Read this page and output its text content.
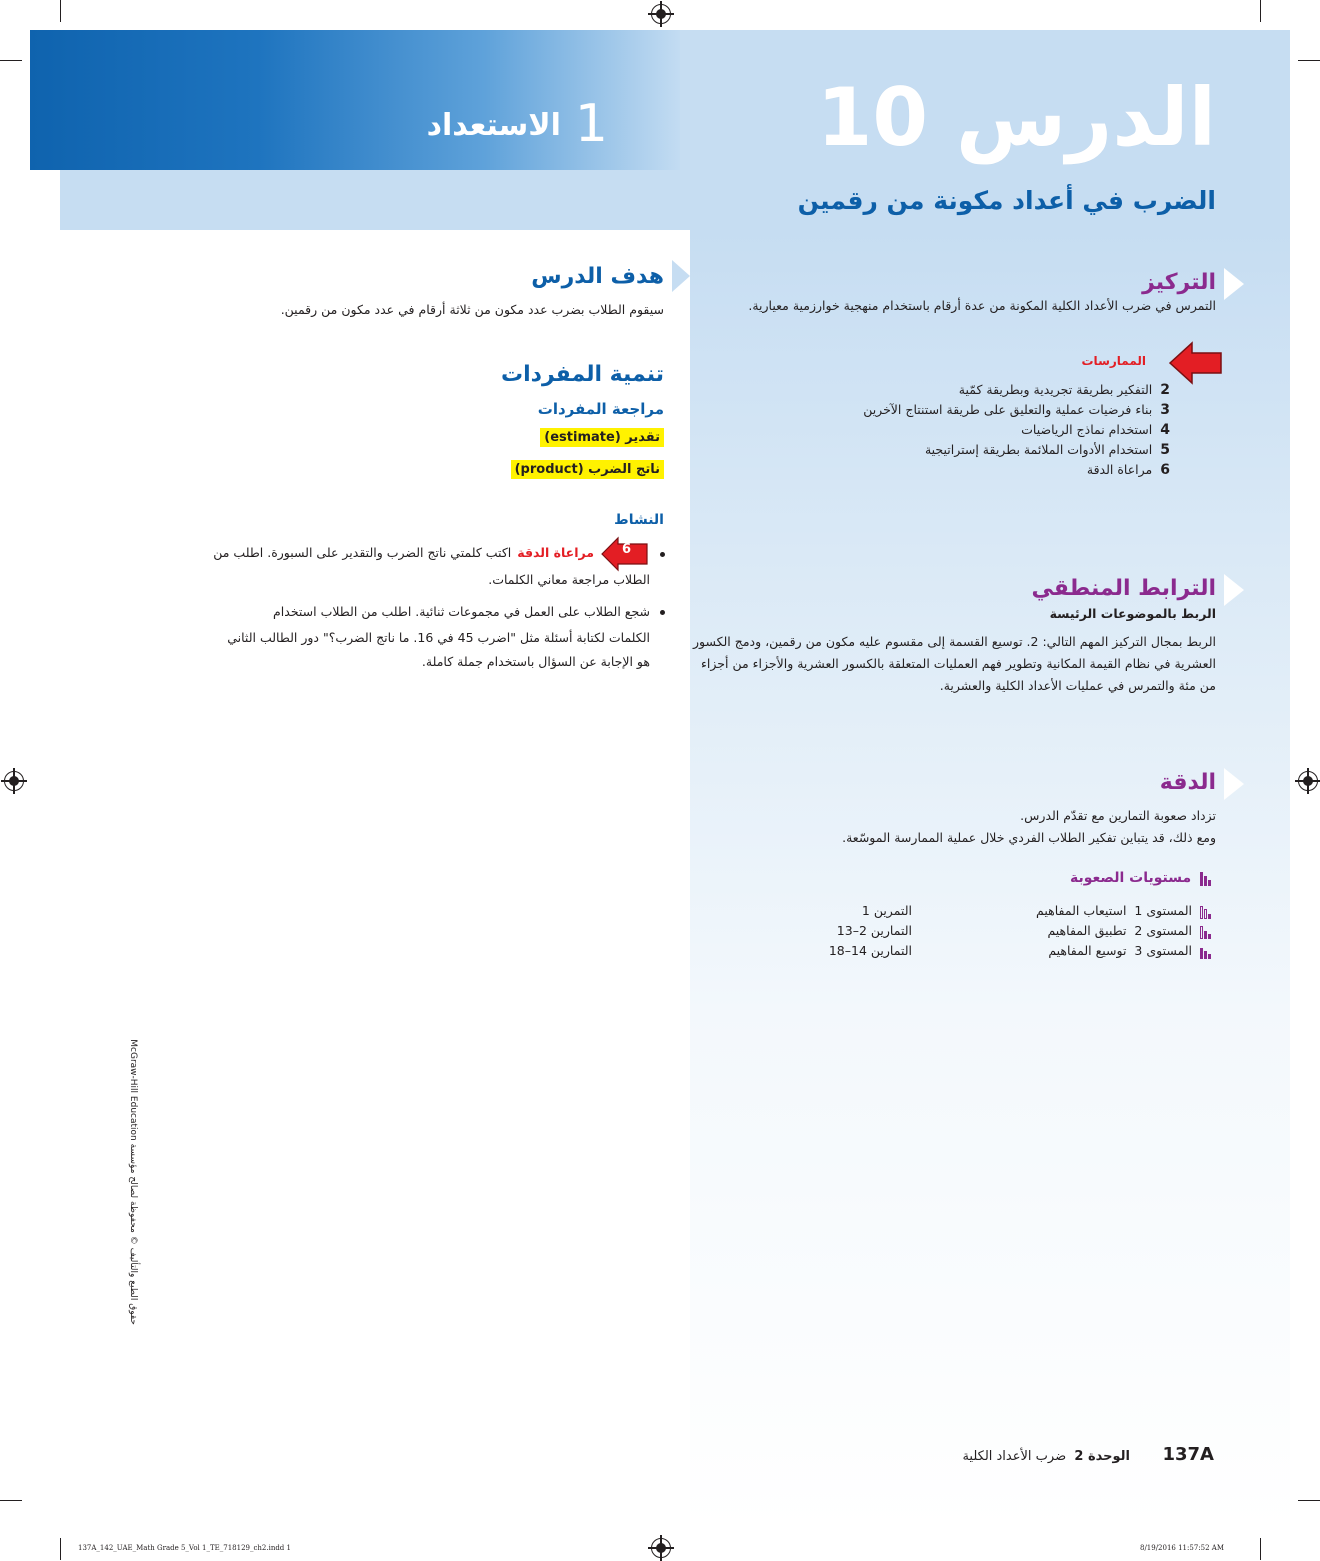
الدرس 10
الضرب في أعداد مكونة من رقمين
1الاستعداد
التركيز
التمرس في ضرب الأعداد الكلية المكونة من عدة أرقام باستخدام منهجية خوارزمية معيارية.
الممارسات
2التفكير بطريقة تجريدية وبطريقة كمّية
3بناء فرضيات عملية والتعليق على طريقة استنتاج الآخرين
4استخدام نماذج الرياضيات
5استخدام الأدوات الملائمة بطريقة إستراتيجية
6مراعاة الدقة
الترابط المنطقي
الربط بالموضوعات الرئيسة
الربط بمجال التركيز المهم التالي: 2. توسيع القسمة إلى مقسوم عليه مكون من رقمين، ودمج الكسور
العشرية في نظام القيمة المكانية وتطوير فهم العمليات المتعلقة بالكسور العشرية والأجزاء من أجزاء
من مئة والتمرس في عمليات الأعداد الكلية والعشرية.
الدقة
تزداد صعوبة التمارين مع تقدّم الدرس.
ومع ذلك، قد يتباين تفكير الطلاب الفردي خلال عملية الممارسة الموسّعة.
مستويات الصعوبة
المستوى 1  استيعاب المفاهيم
التمرين 1
المستوى 2  تطبيق المفاهيم
التمارين 2–13
المستوى 3  توسيع المفاهيم
التمارين 14–18
هدف الدرس
سيقوم الطلاب بضرب عدد مكون من ثلاثة أرقام في عدد مكون من رقمين.
تنمية المفردات
مراجعة المفردات
تقدير (estimate)
ناتج الضرب (product)
النشاط
6
مراعاة الدقةاكتب كلمتي ناتج الضرب والتقدير على السبورة. اطلب من
الطلاب مراجعة معاني الكلمات.
شجع الطلاب على العمل في مجموعات ثنائية. اطلب من الطلاب استخدام
الكلمات لكتابة أسئلة مثل "اضرب 45 في 16. ما ناتج الضرب؟" دور الطالب الثاني
هو الإجابة عن السؤال باستخدام جملة كاملة.
حقوق الطبع والتأليف © محفوظة لصالح مؤسسة McGraw-Hill Education
137A
الوحدة 2  ضرب الأعداد الكلية
137A_142_UAE_Math Grade 5_Vol 1_TE_718129_ch2.indd 1	8/19/2016 11:57:52 AM
